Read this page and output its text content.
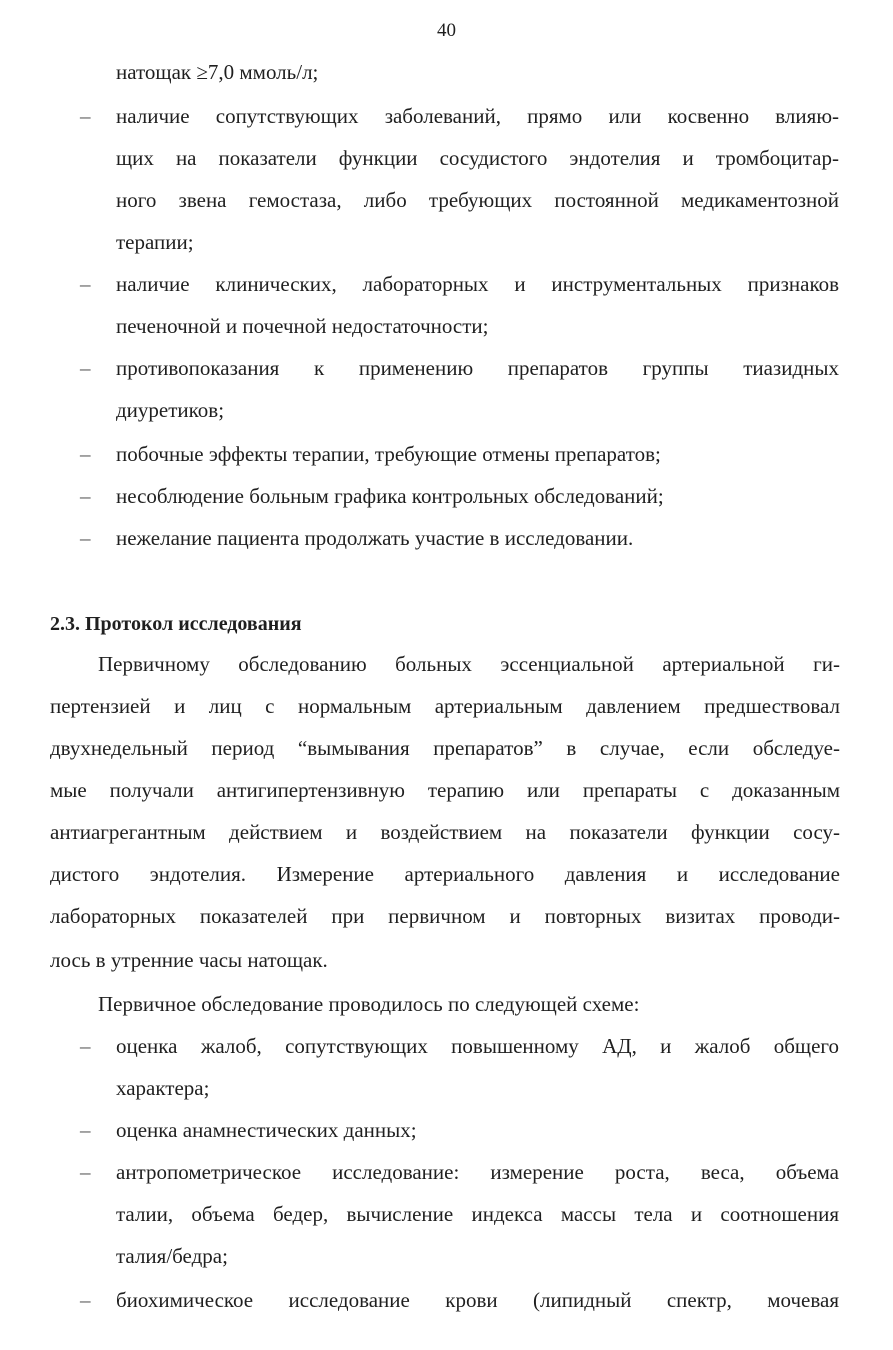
40
натощак ≥7,0 ммоль/л;
– наличие сопутствующих заболеваний, прямо или косвенно влияю-
щих на показатели функции сосудистого эндотелия и тромбоцитар-
ного звена гемостаза, либо требующих постоянной медикаментозной
терапии;
– наличие клинических, лабораторных и инструментальных признаков
печеночной и почечной недостаточности;
– противопоказания к применению препаратов группы тиазидных
диуретиков;
– побочные эффекты терапии, требующие отмены препаратов;
– несоблюдение больным графика контрольных обследований;
– нежелание пациента продолжать участие в исследовании.
2.3. Протокол исследования
Первичному обследованию больных эссенциальной артериальной ги-
пертензией и лиц с нормальным артериальным давлением предшествовал
двухнедельный период “вымывания препаратов” в случае, если обследуе-
мые получали антигипертензивную терапию или препараты с доказанным
антиагрегантным действием и воздействием на показатели функции сосу-
дистого эндотелия. Измерение артериального давления и исследование
лабораторных показателей при первичном и повторных визитах проводи-
лось в утренние часы натощак.
Первичное обследование проводилось по следующей схеме:
– оценка жалоб, сопутствующих повышенному АД, и жалоб общего
характера;
– оценка анамнестических данных;
– антропометрическое исследование: измерение роста, веса, объема
талии, объема бедер, вычисление индекса массы тела и соотношения
талия/бедра;
– биохимическое исследование крови (липидный спектр, мочевая
